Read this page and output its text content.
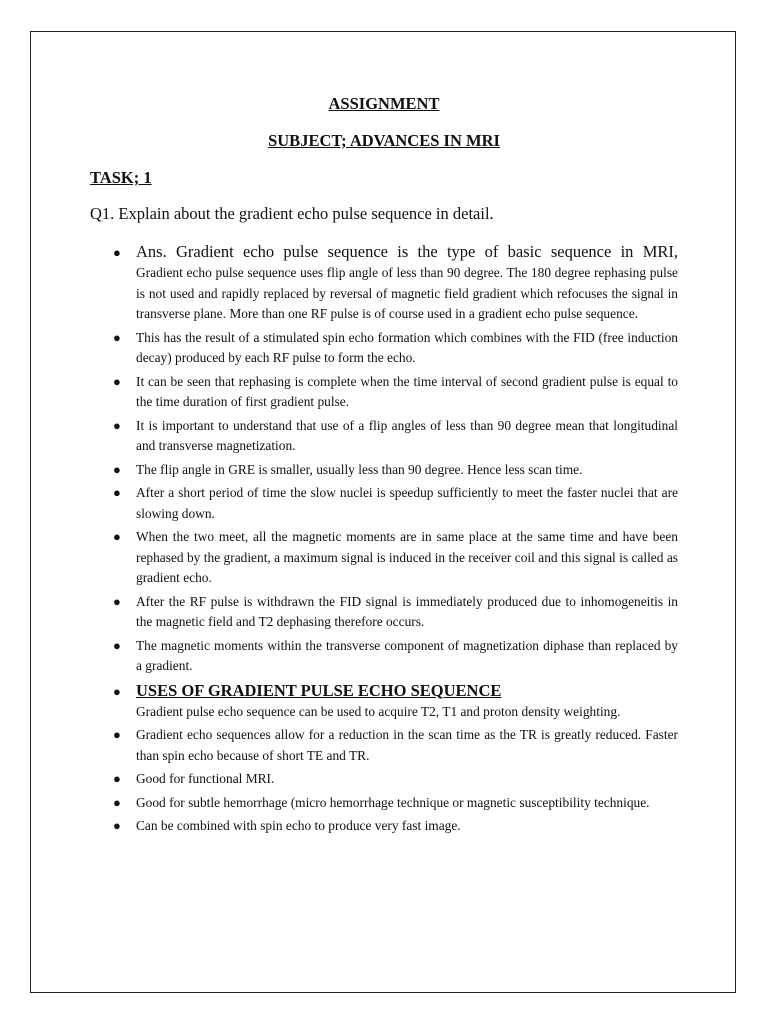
ASSIGNMENT
SUBJECT; ADVANCES IN MRI
TASK; 1
Q1. Explain about the gradient echo pulse sequence in detail.
● Ans. Gradient echo pulse sequence is the type of basic sequence in MRI,
Gradient echo pulse sequence uses flip angle of less than 90 degree. The 180 degree rephasing pulse is not used and rapidly replaced by reversal of magnetic field gradient which refocuses the signal in transverse plane. More than one RF pulse is of course used in a gradient echo pulse sequence.
● This has the result of a stimulated spin echo formation which combines with the FID (free induction decay) produced by each RF pulse to form the echo.
● It can be seen that rephasing is complete when the time interval of second gradient pulse is equal to the time duration of first gradient pulse.
● It is important to understand that use of a flip angles of less than 90 degree mean that longitudinal and transverse magnetization.
● The flip angle in GRE is smaller, usually less than 90 degree. Hence less scan time.
● After a short period of time the slow nuclei is speedup sufficiently to meet the faster nuclei that are slowing down.
● When the two meet, all the magnetic moments are in same place at the same time and have been rephased by the gradient, a maximum signal is induced in the receiver coil and this signal is called as gradient echo.
● After the RF pulse is withdrawn the FID signal is immediately produced due to inhomogeneitis in the magnetic field and T2 dephasing therefore occurs.
● The magnetic moments within the transverse component of magnetization diphase than replaced by a gradient.
● USES OF GRADIENT PULSE ECHO SEQUENCE
Gradient pulse echo sequence can be used to acquire T2, T1 and proton density weighting.
● Gradient echo sequences allow for a reduction in the scan time as the TR is greatly reduced. Faster than spin echo because of short TE and TR.
● Good for functional MRI.
● Good for subtle hemorrhage (micro hemorrhage technique or magnetic susceptibility technique.
● Can be combined with spin echo to produce very fast image.
